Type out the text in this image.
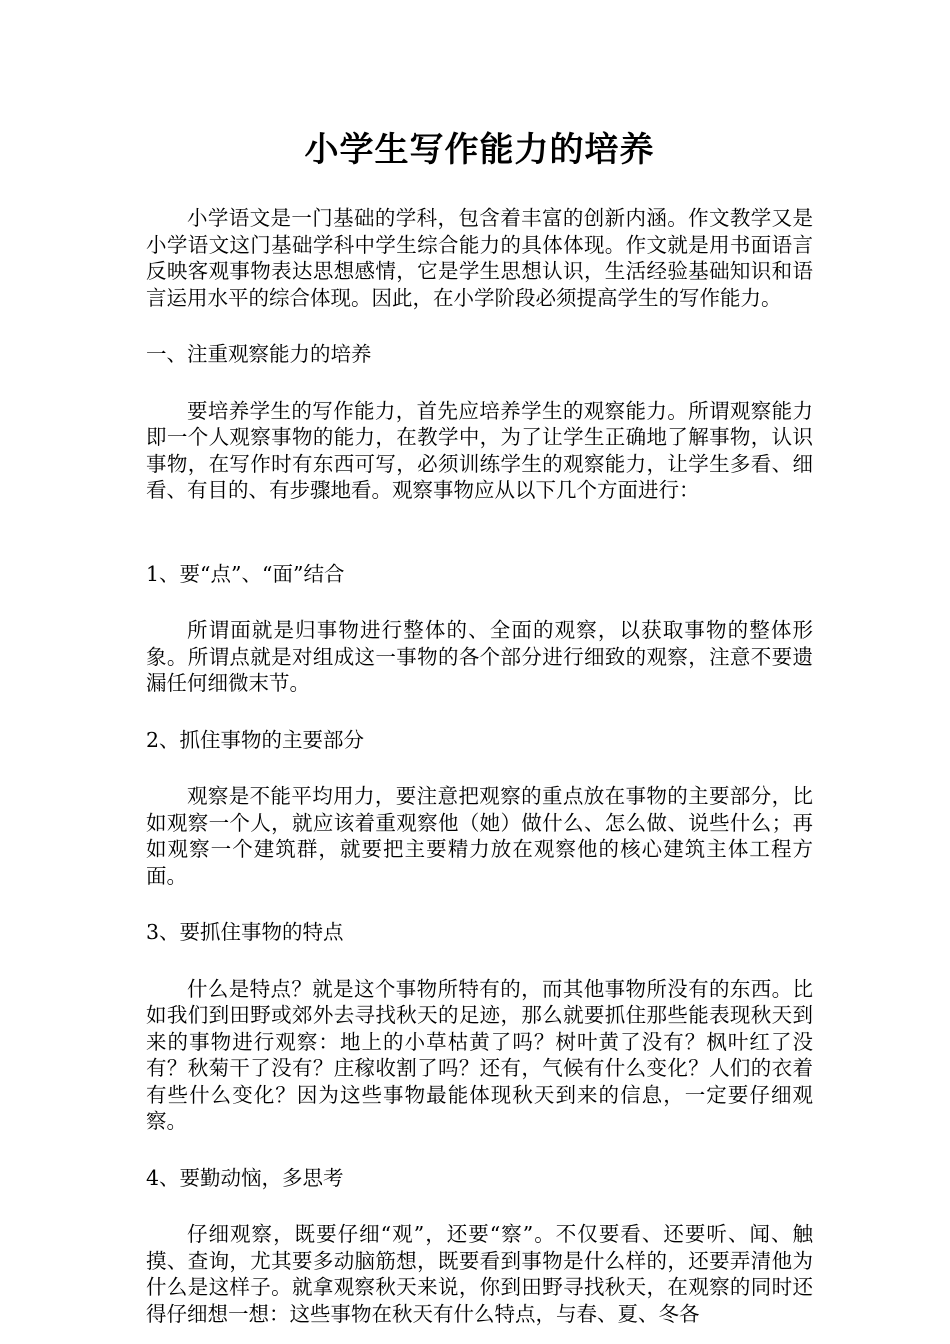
小学生写作能力的培养

小学语文是一门基础的学科，包含着丰富的创新内涵。作文教学又是小学语文这门基础学科中学生综合能力的具体体现。作文就是用书面语言反映客观事物表达思想感情，它是学生思想认识，生活经验基础知识和语言运用水平的综合体现。因此，在小学阶段必须提高学生的写作能力。

一、注重观察能力的培养

要培养学生的写作能力，首先应培养学生的观察能力。所谓观察能力即一个人观察事物的能力，在教学中，为了让学生正确地了解事物，认识事物，在写作时有东西可写，必须训练学生的观察能力，让学生多看、细看、有目的、有步骤地看。观察事物应从以下几个方面进行：

1、要“点”、“面”结合

所谓面就是归事物进行整体的、全面的观察，以获取事物的整体形象。所谓点就是对组成这一事物的各个部分进行细致的观察，注意不要遗漏任何细微末节。

2、抓住事物的主要部分

观察是不能平均用力，要注意把观察的重点放在事物的主要部分，比如观察一个人，就应该着重观察他（她）做什么、怎么做、说些什么；再如观察一个建筑群，就要把主要精力放在观察他的核心建筑主体工程方面。

3、要抓住事物的特点

什么是特点？就是这个事物所特有的，而其他事物所没有的东西。比如我们到田野或郊外去寻找秋天的足迹，那么就要抓住那些能表现秋天到来的事物进行观察：地上的小草枯黄了吗？树叶黄了没有？枫叶红了没有？秋菊干了没有？庄稼收割了吗？还有，气候有什么变化？人们的衣着有些什么变化？因为这些事物最能体现秋天到来的信息，一定要仔细观察。

4、要勤动恼，多思考

仔细观察，既要仔细“观”，还要“察”。不仅要看、还要听、闻、触摸、查询，尤其要多动脑筋想，既要看到事物是什么样的，还要弄清他为什么是这样子。就拿观察秋天来说，你到田野寻找秋天，在观察的同时还得仔细想一想：这些事物在秋天有什么特点，与春、夏、冬各
